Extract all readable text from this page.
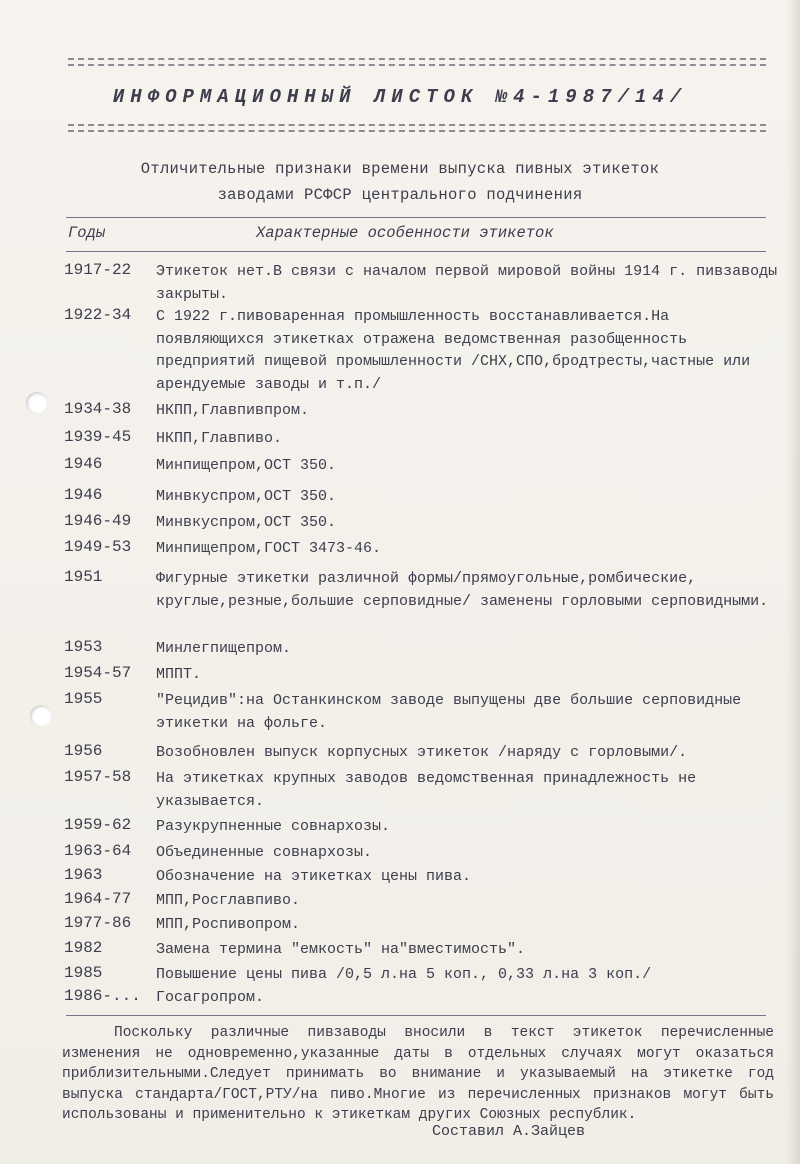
ИНФОРМАЦИОННЫЙ ЛИСТОК №4-1987/14/
Отличительные признаки времени выпуска пивных этикеток
заводами РСФСР центрального подчинения
Годы	Характерные особенности этикеток
1917-22	Этикеток нет.В связи с началом первой мировой войны 1914 г. пивзаводы закрыты.
1922-34	С 1922 г.пивоваренная промышленность восстанавливается.На появляющихся этикетках отражена ведомственная разобщенность предприятий пищевой промышленности /СНХ,СПО,бродтресты,частные или арендуемые заводы и т.п./
1934-38	НКПП,Главпивпром.
1939-45	НКПП,Главпиво.
1946	Минпищепром,ОСТ 350.
1946	Минвкуспром,ОСТ 350.
1946-49	Минвкуспром,ОСТ 350.
1949-53	Минпищепром,ГОСТ 3473-46.
1951	Фигурные этикетки различной формы/прямоугольные,ромбические, круглые,резные,большие серповидные/ заменены горловыми серповидными.
1953	Минлегпищепром.
1954-57	МППТ.
1955	"Рецидив":на Останкинском заводе выпущены две большие серповидные этикетки на фольге.
1956	Возобновлен выпуск корпусных этикеток /наряду с горловыми/.
1957-58	На этикетках крупных заводов ведомственная принадлежность не указывается.
1959-62	Разукрупненные совнархозы.
1963-64	Объединенные совнархозы.
1963	Обозначение на этикетках цены пива.
1964-77	МПП,Росглавпиво.
1977-86	МПП,Роспивопром.
1982	Замена термина "емкость" на"вместимость".
1985	Повышение цены пива /0,5 л.на 5 коп., 0,33 л.на 3 коп./
1986-...	Госагропром.
Поскольку различные пивзаводы вносили в текст этикеток перечисленные изменения не одновременно,указанные даты в отдельных случаях могут оказаться приблизительными.Следует принимать во внимание и указываемый на этикетке год выпуска стандарта/ГОСТ,РТУ/на пиво.Многие из перечисленных признаков могут быть использованы и применительно к этикеткам других Союзных республик.
Составил А.Зайцев
